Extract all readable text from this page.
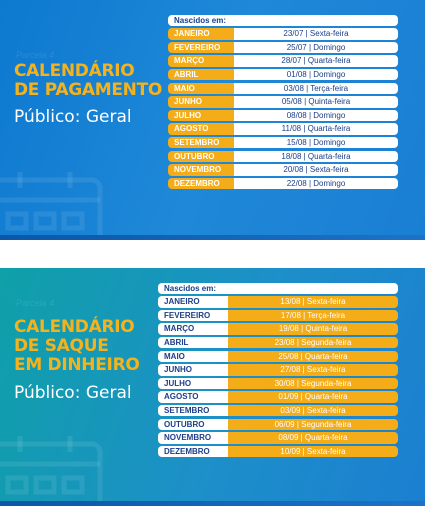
Parcela 4
CALENDÁRIO
DE PAGAMENTO
Público: Geral
Nascidos em:
JANEIRO	23/07 | Sexta-feira
FEVEREIRO	25/07 | Domingo
MARÇO	28/07 | Quarta-feira
ABRIL	01/08 | Domingo
MAIO	03/08 | Terça-feira
JUNHO	05/08 | Quinta-feira
JULHO	08/08 | Domingo
AGOSTO	11/08 | Quarta-feira
SETEMBRO	15/08 | Domingo
OUTUBRO	18/08 | Quarta-feira
NOVEMBRO	20/08 | Sexta-feira
DEZEMBRO	22/08 | Domingo
Parcela 4
CALENDÁRIO
DE SAQUE
EM DINHEIRO
Público: Geral
Nascidos em:
JANEIRO	13/08 | Sexta-feira
FEVEREIRO	17/08 | Terça-feira
MARÇO	19/08 | Quinta-feira
ABRIL	23/08 | Segunda-feira
MAIO	25/08 | Quarta-feira
JUNHO	27/08 | Sexta-feira
JULHO	30/08 | Segunda-feira
AGOSTO	01/09 | Quarta-feira
SETEMBRO	03/09 | Sexta-feira
OUTUBRO	06/09 | Segunda-feira
NOVEMBRO	08/09 | Quarta-feira
DEZEMBRO	10/09 | Sexta-feira
